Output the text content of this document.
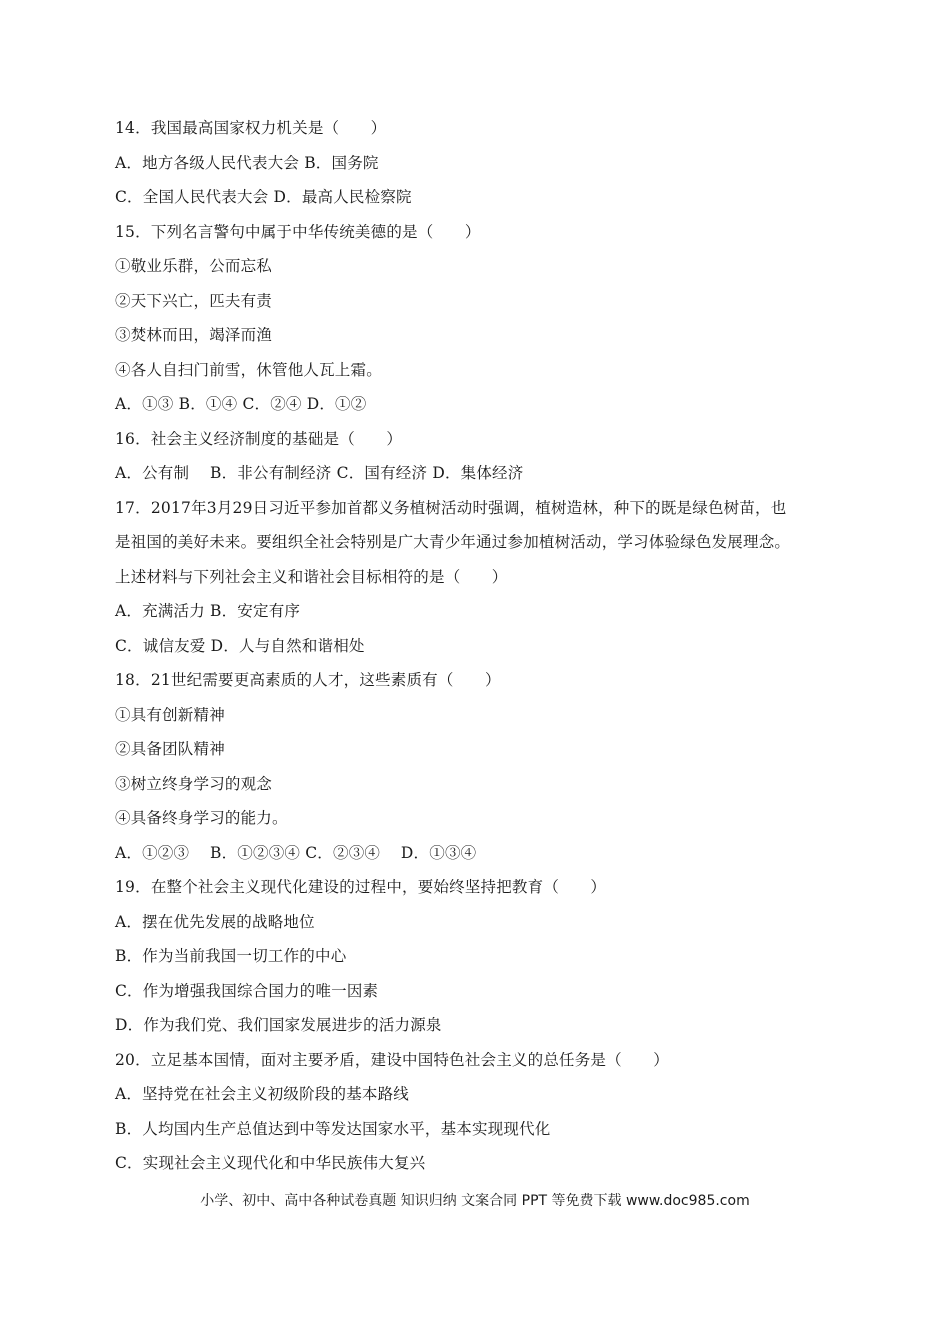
14．我国最高国家权力机关是（　　）
A．地方各级人民代表大会 B．国务院
C．全国人民代表大会 D．最高人民检察院
15．下列名言警句中属于中华传统美德的是（　　）
①敬业乐群，公而忘私
②天下兴亡，匹夫有责
③焚林而田，竭泽而渔
④各人自扫门前雪，休管他人瓦上霜。
A．①③ B．①④ C．②④ D．①②
16．社会主义经济制度的基础是（　　）
A．公有制　 B．非公有制经济 C．国有经济 D．集体经济
17．2017年3月29日习近平参加首都义务植树活动时强调，植树造林，种下的既是绿色树苗，也
是祖国的美好未来。要组织全社会特别是广大青少年通过参加植树活动，学习体验绿色发展理念。
上述材料与下列社会主义和谐社会目标相符的是（　　）
A．充满活力 B．安定有序
C．诚信友爱 D．人与自然和谐相处
18．21世纪需要更高素质的人才，这些素质有（　　）
①具有创新精神
②具备团队精神
③树立终身学习的观念
④具备终身学习的能力。
A．①②③　 B．①②③④ C．②③④　 D．①③④
19．在整个社会主义现代化建设的过程中，要始终坚持把教育（　　）
A．摆在优先发展的战略地位
B．作为当前我国一切工作的中心
C．作为增强我国综合国力的唯一因素
D．作为我们党、我们国家发展进步的活力源泉
20．立足基本国情，面对主要矛盾，建设中国特色社会主义的总任务是（　　）
A．坚持党在社会主义初级阶段的基本路线
B．人均国内生产总值达到中等发达国家水平，基本实现现代化
C．实现社会主义现代化和中华民族伟大复兴
小学、初中、高中各种试卷真题 知识归纳 文案合同 PPT 等免费下载 www.doc985.com
